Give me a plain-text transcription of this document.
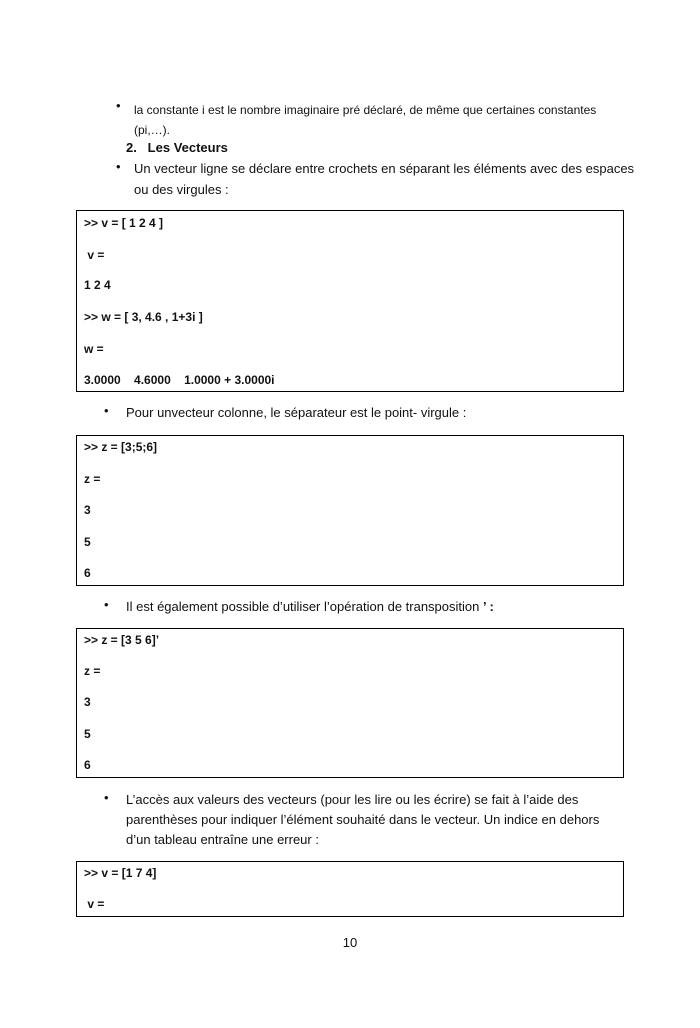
• la constante i est le nombre imaginaire pré déclaré, de même que certaines constantes
(pi,…).
2.   Les Vecteurs
• Un vecteur ligne se déclare entre crochets en séparant les éléments avec des espaces
ou des virgules :
>> v = [ 1 2 4 ]
v =
1 2 4
>> w = [ 3, 4.6 , 1+3i ]
w =
3.0000    4.6000    1.0000 + 3.0000i
• Pour unvecteur colonne, le séparateur est le point- virgule :
>> z = [3;5;6]
z =
3
5
6
• Il est également possible d’utiliser l’opération de transposition ’ :
>> z = [3 5 6]’
z =
3
5
6
• L’accès aux valeurs des vecteurs (pour les lire ou les écrire) se fait à l’aide des
parenthèses pour indiquer l’élément souhaité dans le vecteur. Un indice en dehors
d’un tableau entraîne une erreur :
>> v = [1 7 4]
v =
10
